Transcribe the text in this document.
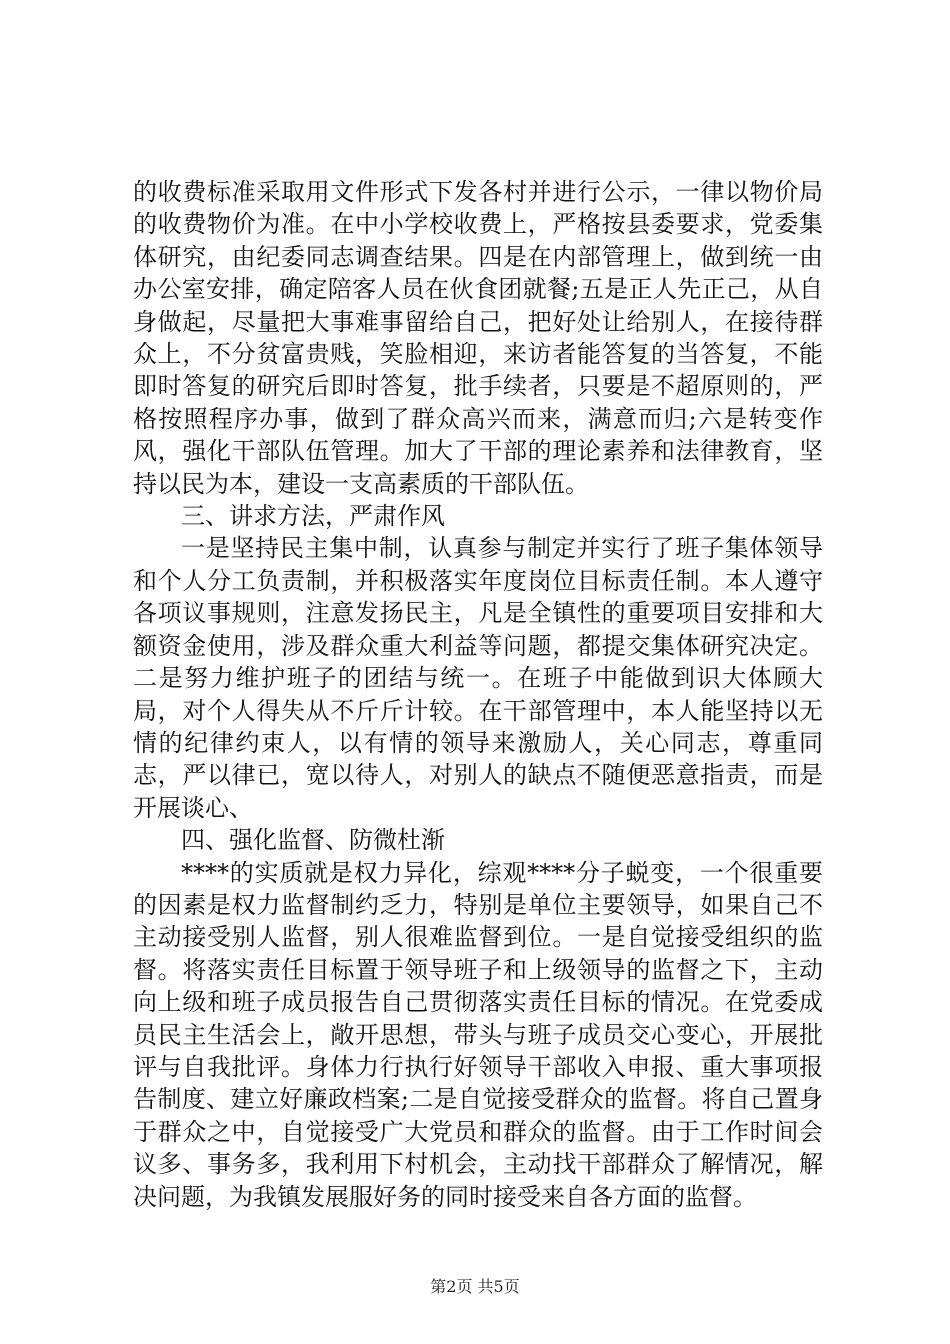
的收费标准采取用文件形式下发各村并进行公示，一律以物价局的收费物价为准。在中小学校收费上，严格按县委要求，党委集体研究，由纪委同志调查结果。四是在内部管理上，做到统一由办公室安排，确定陪客人员在伙食团就餐;五是正人先正己，从自身做起，尽量把大事难事留给自己，把好处让给别人，在接待群众上，不分贫富贵贱，笑脸相迎，来访者能答复的当答复，不能即时答复的研究后即时答复，批手续者，只要是不超原则的，严格按照程序办事，做到了群众高兴而来，满意而归;六是转变作风，强化干部队伍管理。加大了干部的理论素养和法律教育，坚持以民为本，建设一支高素质的干部队伍。

三、讲求方法，严肃作风

一是坚持民主集中制，认真参与制定并实行了班子集体领导和个人分工负责制，并积极落实年度岗位目标责任制。本人遵守各项议事规则，注意发扬民主，凡是全镇性的重要项目安排和大额资金使用，涉及群众重大利益等问题，都提交集体研究决定。二是努力维护班子的团结与统一。在班子中能做到识大体顾大局，对个人得失从不斤斤计较。在干部管理中，本人能坚持以无情的纪律约束人，以有情的领导来激励人，关心同志，尊重同志，严以律已，宽以待人，对别人的缺点不随便恶意指责，而是开展谈心、

四、强化监督、防微杜渐

****的实质就是权力异化，综观****分子蜕变，一个很重要的因素是权力监督制约乏力，特别是单位主要领导，如果自己不主动接受别人监督，别人很难监督到位。一是自觉接受组织的监督。将落实责任目标置于领导班子和上级领导的监督之下，主动向上级和班子成员报告自己贯彻落实责任目标的情况。在党委成员民主生活会上，敞开思想，带头与班子成员交心变心，开展批评与自我批评。身体力行执行好领导干部收入申报、重大事项报告制度、建立好廉政档案;二是自觉接受群众的监督。将自己置身于群众之中，自觉接受广大党员和群众的监督。由于工作时间会议多、事务多，我利用下村机会，主动找干部群众了解情况，解决问题，为我镇发展服好务的同时接受来自各方面的监督。

第2页 共5页
